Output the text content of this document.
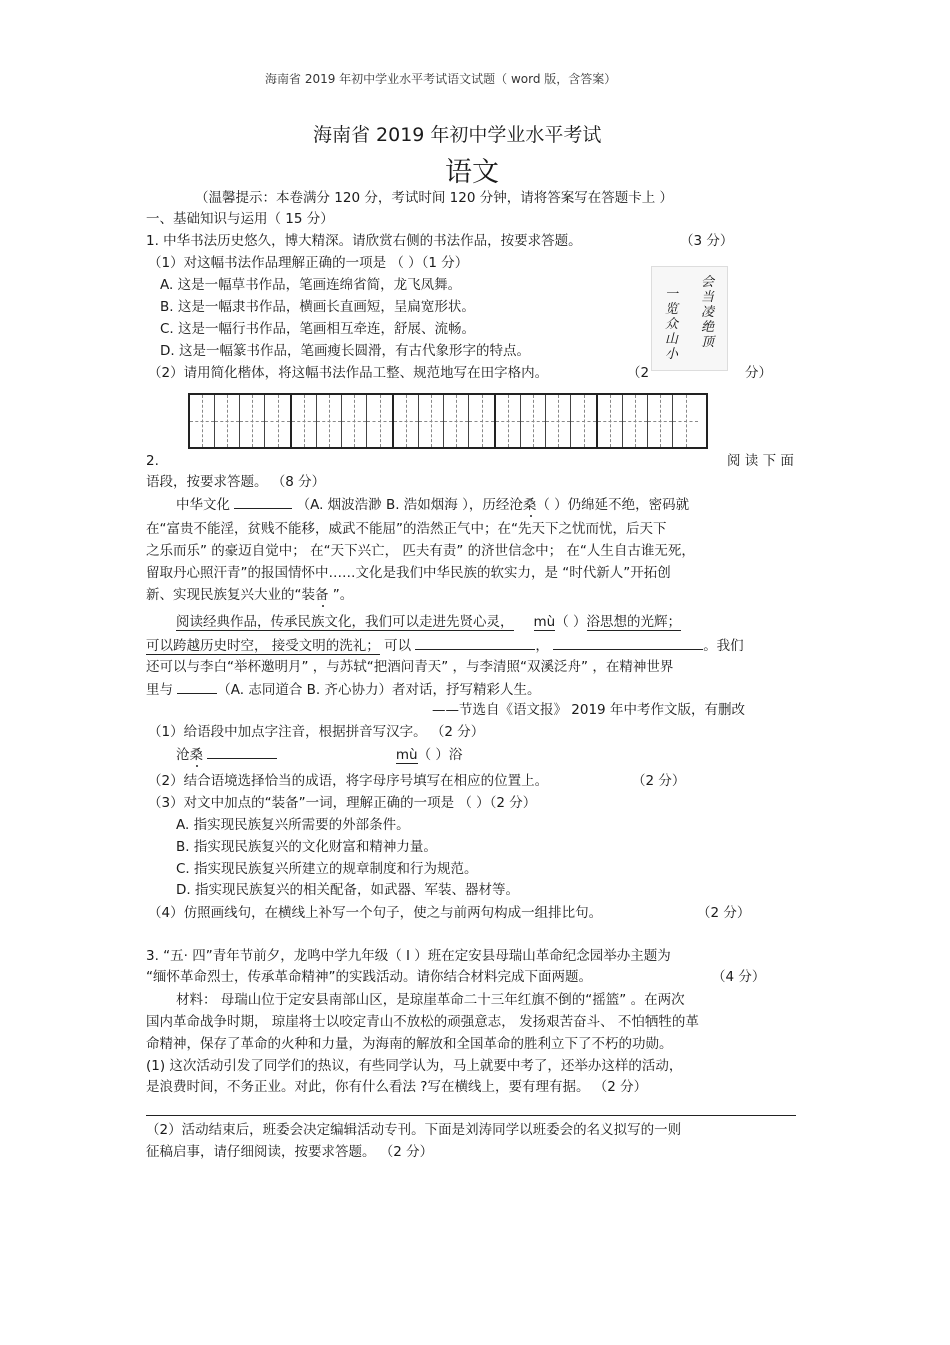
海南省 2019 年初中学业水平考试语文试题（ word 版，含答案）
海南省 2019 年初中学业水平考试
语文
（温馨提示：本卷满分 120 分，考试时间 120 分钟，请将答案写在答题卡上 ）
一、基础知识与运用（ 15 分）
1. 中华书法历史悠久，博大精深。请欣赏右侧的书法作品，按要求答题。	（3 分）
（1）对这幅书法作品理解正确的一项是 （ ）（1 分）
A. 这是一幅草书作品，笔画连绵省简，龙飞凤舞。
B. 这是一幅隶书作品，横画长直画短，呈扁宽形状。
C. 这是一幅行书作品，笔画相互牵连，舒展、流畅。
D. 这是一幅篆书作品，笔画瘦长圆滑，有古代象形字的特点。
（2）请用简化楷体，将这幅书法作品工整、规范地写在田字格内。	（2	分）
会当凌绝顶
一览众山小
2.	阅 读 下 面
语段，按要求答题。 （8 分）
中华文化	（A. 烟波浩渺 B. 浩如烟海 ），历经沧桑（ ）仍绵延不绝，密码就
在“富贵不能淫，贫贱不能移，威武不能屈”的浩然正气中；在“先天下之忧而忧，后天下
之乐而乐” 的豪迈自觉中； 在“天下兴亡， 匹夫有责” 的济世信念中； 在“人生自古谁无死，
留取丹心照汗青”的报国情怀中……文化是我们中华民族的软实力，是 “时代新人”开拓创
新、实现民族复兴大业的“装备 ”。
阅读经典作品，传承民族文化，我们可以走进先贤心灵， mù（ ）浴思想的光辉；
可以跨越历史时空， 接受文明的洗礼； 可以	，	。我们
还可以与李白“举杯邀明月” ，与苏轼“把酒问青天” ，与李清照“双溪泛舟” ，在精神世界
里与	（A. 志同道合 B. 齐心协力）者对话，抒写精彩人生。
——节选自《语文报》 2019 年中考作文版，有删改
（1）给语段中加点字注音，根据拼音写汉字。 （2 分）
沧桑	mù（ ）浴
（2）结合语境选择恰当的成语，将字母序号填写在相应的位置上。	（2 分）
（3）对文中加点的“装备”一词，理解正确的一项是 （ ）（2 分）
A. 指实现民族复兴所需要的外部条件。
B. 指实现民族复兴的文化财富和精神力量。
C. 指实现民族复兴所建立的规章制度和行为规范。
D. 指实现民族复兴的相关配备，如武器、军装、器材等。
（4）仿照画线句，在横线上补写一个句子，使之与前两句构成一组排比句。	（2 分）
3. “五· 四”青年节前夕，龙鸣中学九年级（ I ）班在定安县母瑞山革命纪念园举办主题为
“缅怀革命烈士，传承革命精神”的实践活动。请你结合材料完成下面两题。	（4 分）
材料： 母瑞山位于定安县南部山区，是琼崖革命二十三年红旗不倒的“摇篮” 。在两次
国内革命战争时期， 琼崖将士以咬定青山不放松的顽强意志， 发扬艰苦奋斗、 不怕牺牲的革
命精神，保存了革命的火种和力量，为海南的解放和全国革命的胜利立下了不朽的功勋。
(1) 这次活动引发了同学们的热议，有些同学认为，马上就要中考了，还举办这样的活动，
是浪费时间，不务正业。对此，你有什么看法 ?写在横线上，要有理有据。 （2 分）
（2）活动结束后，班委会决定编辑活动专刊。下面是刘涛同学以班委会的名义拟写的一则
征稿启事，请仔细阅读，按要求答题。 （2 分）
